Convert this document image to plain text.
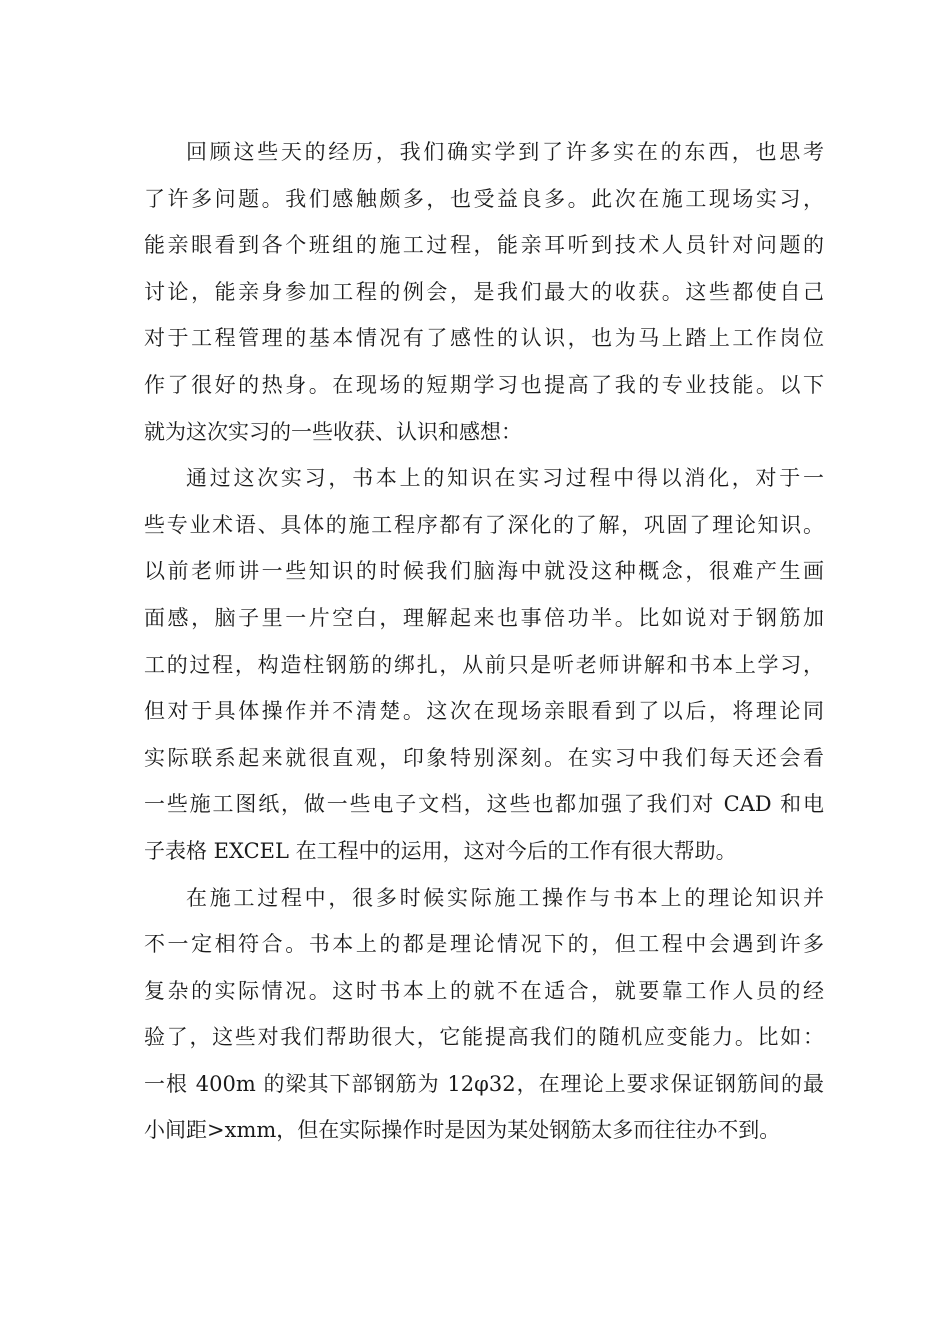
回顾这些天的经历，我们确实学到了许多实在的东西，也思考
了许多问题。我们感触颇多，也受益良多。此次在施工现场实习，
能亲眼看到各个班组的施工过程，能亲耳听到技术人员针对问题的
讨论，能亲身参加工程的例会，是我们最大的收获。这些都使自己
对于工程管理的基本情况有了感性的认识，也为马上踏上工作岗位
作了很好的热身。在现场的短期学习也提高了我的专业技能。以下
就为这次实习的一些收获、认识和感想：
通过这次实习，书本上的知识在实习过程中得以消化，对于一
些专业术语、具体的施工程序都有了深化的了解，巩固了理论知识。
以前老师讲一些知识的时候我们脑海中就没这种概念，很难产生画
面感，脑子里一片空白，理解起来也事倍功半。比如说对于钢筋加
工的过程，构造柱钢筋的绑扎，从前只是听老师讲解和书本上学习，
但对于具体操作并不清楚。这次在现场亲眼看到了以后，将理论同
实际联系起来就很直观，印象特别深刻。在实习中我们每天还会看
一些施工图纸，做一些电子文档，这些也都加强了我们对 CAD 和电
子表格 EXCEL 在工程中的运用，这对今后的工作有很大帮助。
在施工过程中，很多时候实际施工操作与书本上的理论知识并
不一定相符合。书本上的都是理论情况下的，但工程中会遇到许多
复杂的实际情况。这时书本上的就不在适合，就要靠工作人员的经
验了，这些对我们帮助很大，它能提高我们的随机应变能力。比如：
一根 400m 的梁其下部钢筋为 12φ32，在理论上要求保证钢筋间的最
小间距>xmm，但在实际操作时是因为某处钢筋太多而往往办不到。
